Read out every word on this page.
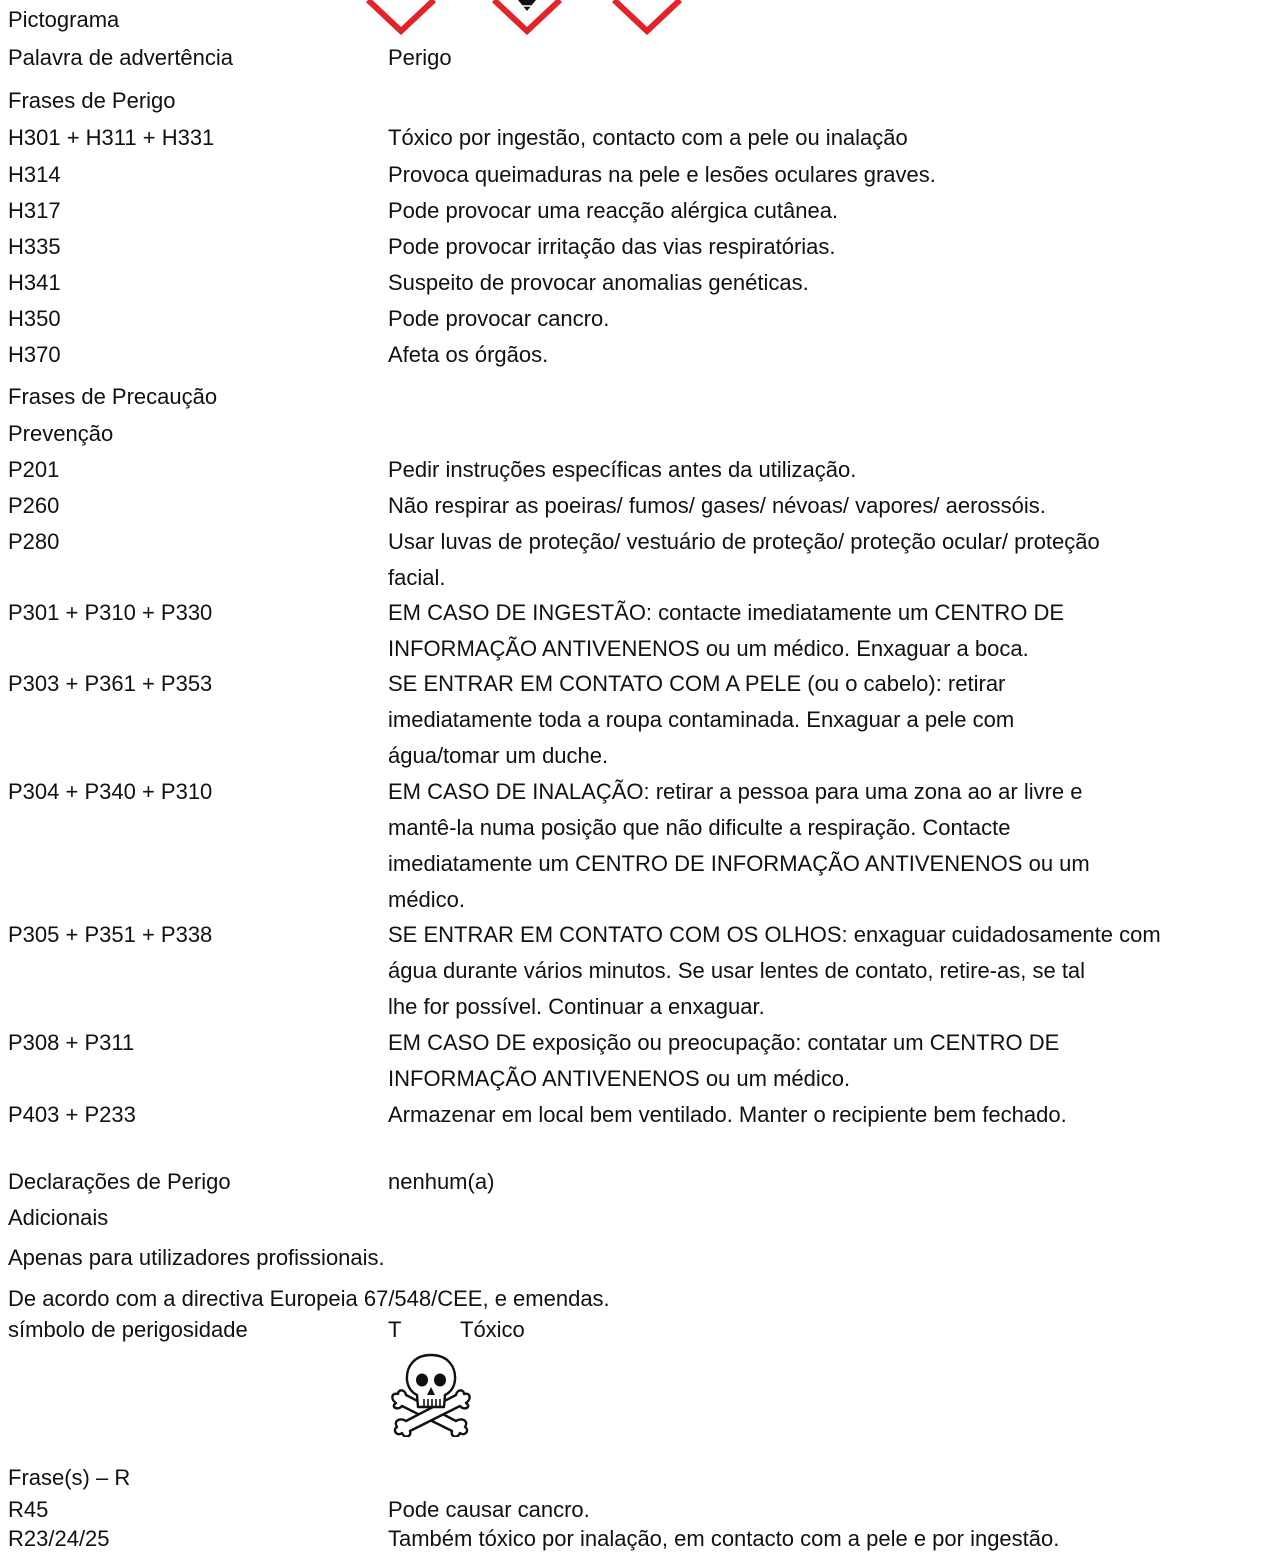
Pictograma
Palavra de advertência	Perigo
Frases de Perigo
H301 + H311 + H331	Tóxico por ingestão, contacto com a pele ou inalação
H314	Provoca queimaduras na pele e lesões oculares graves.
H317	Pode provocar uma reacção alérgica cutânea.
H335	Pode provocar irritação das vias respiratórias.
H341	Suspeito de provocar anomalias genéticas.
H350	Pode provocar cancro.
H370	Afeta os órgãos.
Frases de Precaução
Prevenção
P201	Pedir instruções específicas antes da utilização.
P260	Não respirar as poeiras/ fumos/ gases/ névoas/ vapores/ aerossóis.
P280	Usar luvas de proteção/ vestuário de proteção/ proteção ocular/ proteção
facial.
P301 + P310 + P330	EM CASO DE INGESTÃO: contacte imediatamente um CENTRO DE
INFORMAÇÃO ANTIVENENOS ou um médico. Enxaguar a boca.
P303 + P361 + P353	SE ENTRAR EM CONTATO COM A PELE (ou o cabelo): retirar
imediatamente toda a roupa contaminada. Enxaguar a pele com
água/tomar um duche.
P304 + P340 + P310	EM CASO DE INALAÇÃO: retirar a pessoa para uma zona ao ar livre e
mantê-la numa posição que não dificulte a respiração. Contacte
imediatamente um CENTRO DE INFORMAÇÃO ANTIVENENOS ou um
médico.
P305 + P351 + P338	SE ENTRAR EM CONTATO COM OS OLHOS: enxaguar cuidadosamente com
água durante vários minutos. Se usar lentes de contato, retire-as, se tal
lhe for possível. Continuar a enxaguar.
P308 + P311	EM CASO DE exposição ou preocupação: contatar um CENTRO DE
INFORMAÇÃO ANTIVENENOS ou um médico.
P403 + P233	Armazenar em local bem ventilado. Manter o recipiente bem fechado.
Declarações de Perigo	nenhum(a)
Adicionais
Apenas para utilizadores profissionais.
De acordo com a directiva Europeia 67/548/CEE, e emendas.
símbolo de perigosidade	T	Tóxico
Frase(s) – R
R45	Pode causar cancro.
R23/24/25	Também tóxico por inalação, em contacto com a pele e por ingestão.
